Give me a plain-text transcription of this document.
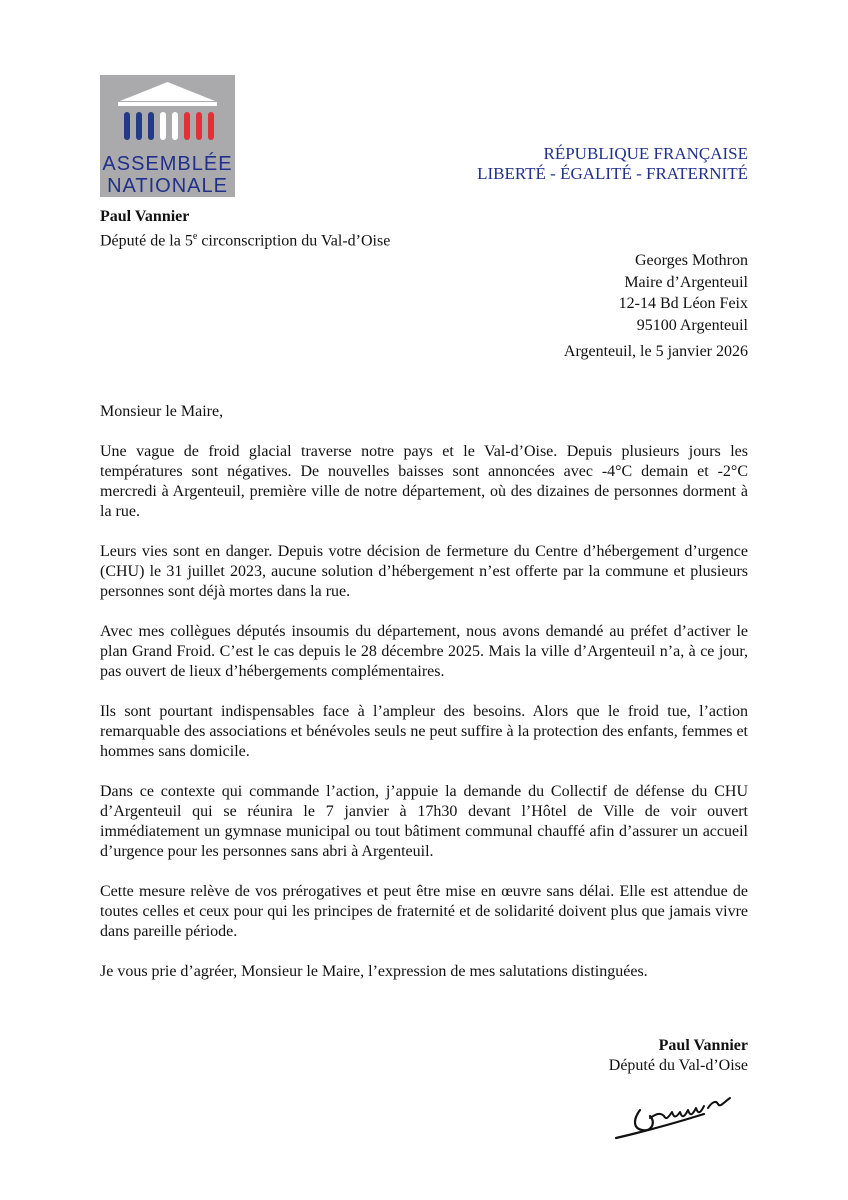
ASSEMBLÉE
NATIONALE
RÉPUBLIQUE FRANÇAISE
LIBERTÉ - ÉGALITÉ - FRATERNITÉ
Paul Vannier
Député de la 5e circonscription du Val-d’Oise
Georges Mothron
Maire d’Argenteuil
12-14 Bd Léon Feix
95100 Argenteuil
Argenteuil, le 5 janvier 2026

Monsieur le Maire,

Une vague de froid glacial traverse notre pays et le Val-d’Oise. Depuis plusieurs jours les températures sont négatives. De nouvelles baisses sont annoncées avec -4°C demain et -2°C mercredi à Argenteuil, première ville de notre département, où des dizaines de personnes dorment à la rue.

Leurs vies sont en danger. Depuis votre décision de fermeture du Centre d’hébergement d’urgence (CHU) le 31 juillet 2023, aucune solution d’hébergement n’est offerte par la commune et plusieurs personnes sont déjà mortes dans la rue.

Avec mes collègues députés insoumis du département, nous avons demandé au préfet d’activer le plan Grand Froid. C’est le cas depuis le 28 décembre 2025. Mais la ville d’Argenteuil n’a, à ce jour, pas ouvert de lieux d’hébergements complémentaires.

Ils sont pourtant indispensables face à l’ampleur des besoins. Alors que le froid tue, l’action remarquable des associations et bénévoles seuls ne peut suffire à la protection des enfants, femmes et hommes sans domicile.

Dans ce contexte qui commande l’action, j’appuie la demande du Collectif de défense du CHU d’Argenteuil qui se réunira le 7 janvier à 17h30 devant l’Hôtel de Ville de voir ouvert immédiatement un gymnase municipal ou tout bâtiment communal chauffé afin d’assurer un accueil d’urgence pour les personnes sans abri à Argenteuil.

Cette mesure relève de vos prérogatives et peut être mise en œuvre sans délai. Elle est attendue de toutes celles et ceux pour qui les principes de fraternité et de solidarité doivent plus que jamais vivre dans pareille période.

Je vous prie d’agréer, Monsieur le Maire, l’expression de mes salutations distinguées.

Paul Vannier
Député du Val-d’Oise
